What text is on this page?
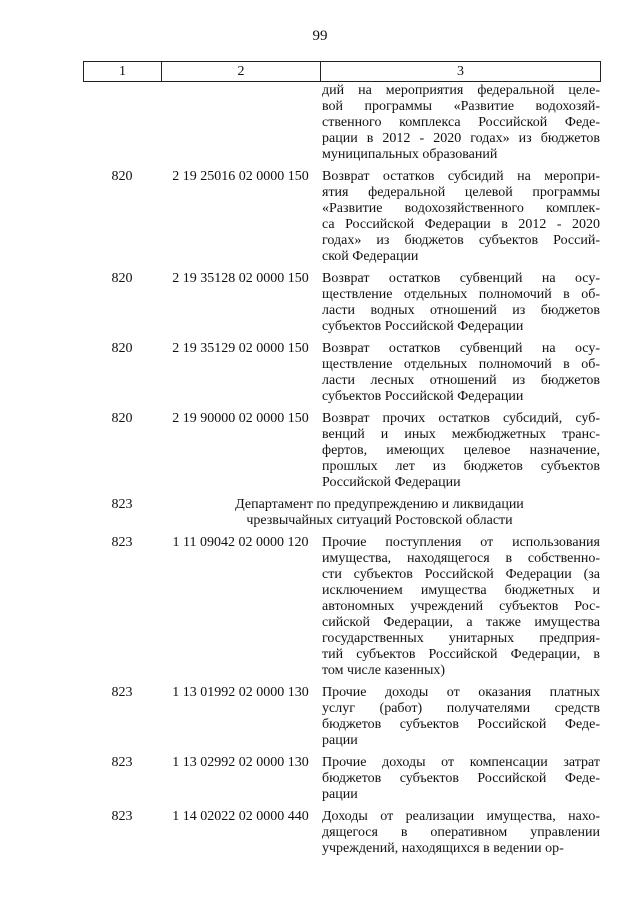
99
1	2	3
дий на мероприятия федеральной целе-
вой программы «Развитие водохозяй-
ственного комплекса Российской Феде-
рации в 2012 - 2020 годах» из бюджетов
муниципальных образований
820	2 19 25016 02 0000 150 Возврат остатков субсидий на меропри-
ятия федеральной целевой программы
«Развитие водохозяйственного комплек-
са Российской Федерации в 2012 - 2020
годах» из бюджетов субъектов Россий-
ской Федерации
820	2 19 35128 02 0000 150 Возврат остатков субвенций на осу-
ществление отдельных полномочий в об-
ласти водных отношений из бюджетов
субъектов Российской Федерации
820	2 19 35129 02 0000 150 Возврат остатков субвенций на осу-
ществление отдельных полномочий в об-
ласти лесных отношений из бюджетов
субъектов Российской Федерации
820	2 19 90000 02 0000 150 Возврат прочих остатков субсидий, суб-
венций и иных межбюджетных транс-
фертов, имеющих целевое назначение,
прошлых лет из бюджетов субъектов
Российской Федерации
823	Департамент по предупреждению и ликвидации
чрезвычайных ситуаций Ростовской области
823	1 11 09042 02 0000 120 Прочие поступления от использования
имущества, находящегося в собственно-
сти субъектов Российской Федерации (за
исключением имущества бюджетных и
автономных учреждений субъектов Рос-
сийской Федерации, а также имущества
государственных унитарных предприя-
тий субъектов Российской Федерации, в
том числе казенных)
823	1 13 01992 02 0000 130 Прочие доходы от оказания платных
услуг (работ) получателями средств
бюджетов субъектов Российской Феде-
рации
823	1 13 02992 02 0000 130 Прочие доходы от компенсации затрат
бюджетов субъектов Российской Феде-
рации
823	1 14 02022 02 0000 440 Доходы от реализации имущества, нахо-
дящегося в оперативном управлении
учреждений, находящихся в ведении ор-
